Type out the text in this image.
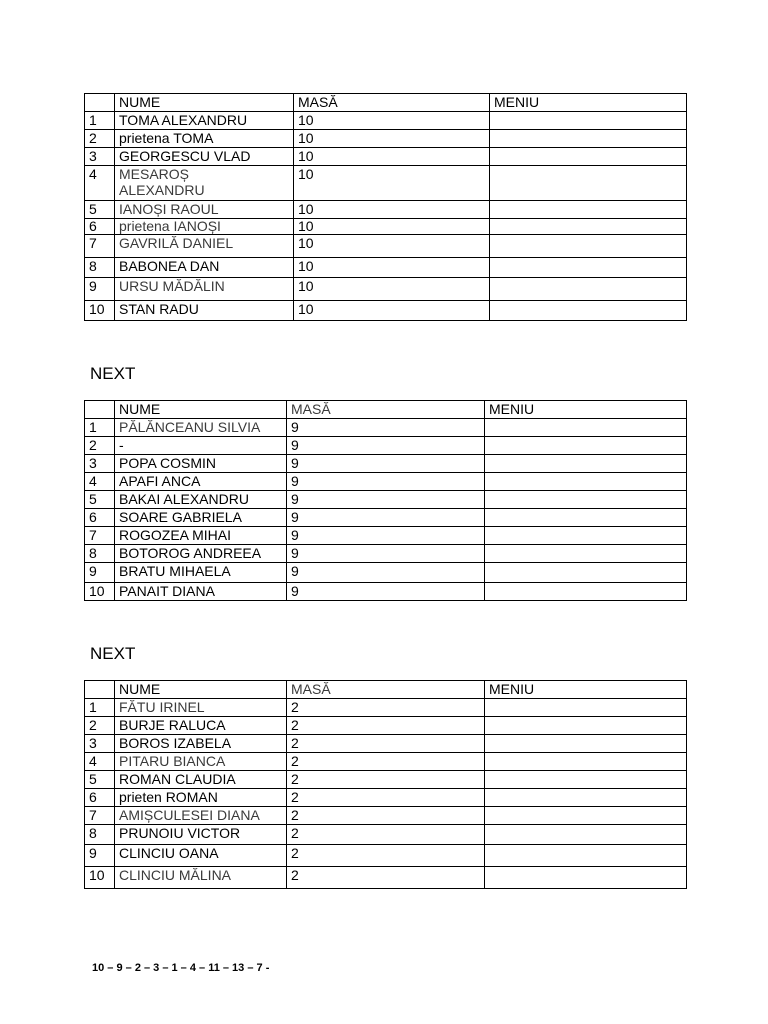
	NUME	MASĂ	MENIU
1	TOMA ALEXANDRU	10	
2	prietena TOMA	10	
3	GEORGESCU VLAD	10	
4	MESAROȘ ALEXANDRU	10	
5	IANOȘI RAOUL	10	
6	prietena IANOȘI	10	
7	GAVRILĂ DANIEL	10	
8	BABONEA DAN	10	
9	URSU MĂDĂLIN	10	
10	STAN RADU	10	
NEXT
	NUME	MASĂ	MENIU
1	PĂLĂNCEANU SILVIA	9	
2	-	9	
3	POPA COSMIN	9	
4	APAFI ANCA	9	
5	BAKAI ALEXANDRU	9	
6	SOARE GABRIELA	9	
7	ROGOZEA MIHAI	9	
8	BOTOROG ANDREEA	9	
9	BRATU MIHAELA	9	
10	PANAIT DIANA	9	
NEXT
	NUME	MASĂ	MENIU
1	FĂTU IRINEL	2	
2	BURJE RALUCA	2	
3	BOROS IZABELA	2	
4	PITARU BIANCA	2	
5	ROMAN CLAUDIA	2	
6	prieten ROMAN	2	
7	AMIȘCULESEI DIANA	2	
8	PRUNOIU VICTOR	2	
9	CLINCIU OANA	2	
10	CLINCIU MĂLINA	2	
10 – 9 – 2 – 3 – 1 – 4 – 11 – 13 – 7 -
